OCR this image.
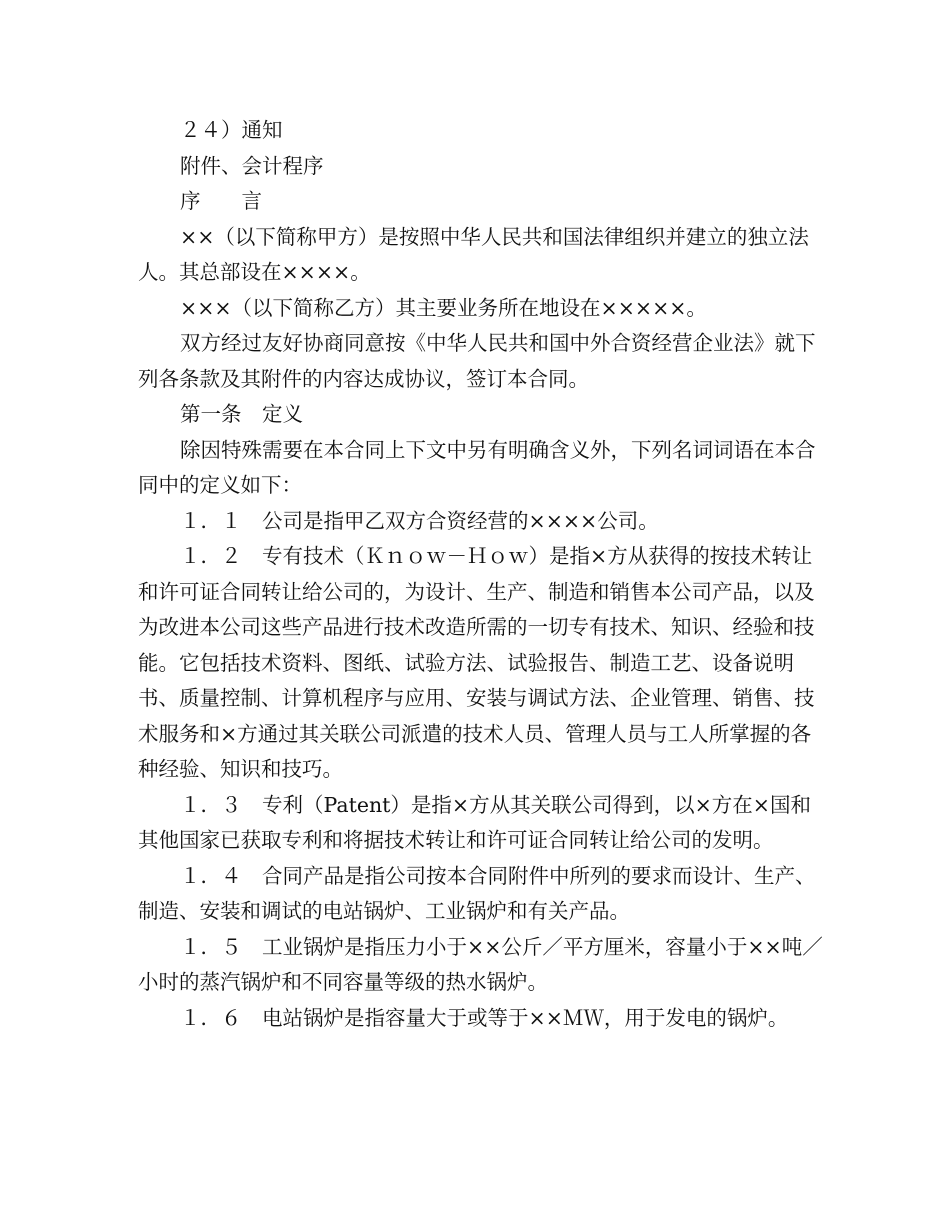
２４）通知

附件、会计程序

序　　言

××（以下简称甲方）是按照中华人民共和国法律组织并建立的独立法人。其总部设在××××。

×××（以下简称乙方）其主要业务所在地设在×××××。

双方经过友好协商同意按《中华人民共和国中外合资经营企业法》就下列各条款及其附件的内容达成协议，签订本合同。

第一条　定义

除因特殊需要在本合同上下文中另有明确含义外，下列名词词语在本合同中的定义如下：

１．１　公司是指甲乙双方合资经营的××××公司。

１．２　专有技术（Ｋｎｏｗ－Ｈｏｗ）是指×方从获得的按技术转让和许可证合同转让给公司的，为设计、生产、制造和销售本公司产品，以及为改进本公司这些产品进行技术改造所需的一切专有技术、知识、经验和技能。它包括技术资料、图纸、试验方法、试验报告、制造工艺、设备说明书、质量控制、计算机程序与应用、安装与调试方法、企业管理、销售、技术服务和×方通过其关联公司派遣的技术人员、管理人员与工人所掌握的各种经验、知识和技巧。

１．３　专利（Patent）是指×方从其关联公司得到，以×方在×国和其他国家已获取专利和将据技术转让和许可证合同转让给公司的发明。

１．４　合同产品是指公司按本合同附件中所列的要求而设计、生产、制造、安装和调试的电站锅炉、工业锅炉和有关产品。

１．５　工业锅炉是指压力小于××公斤／平方厘米，容量小于××吨／小时的蒸汽锅炉和不同容量等级的热水锅炉。

１．６　电站锅炉是指容量大于或等于××ＭＷ，用于发电的锅炉。
